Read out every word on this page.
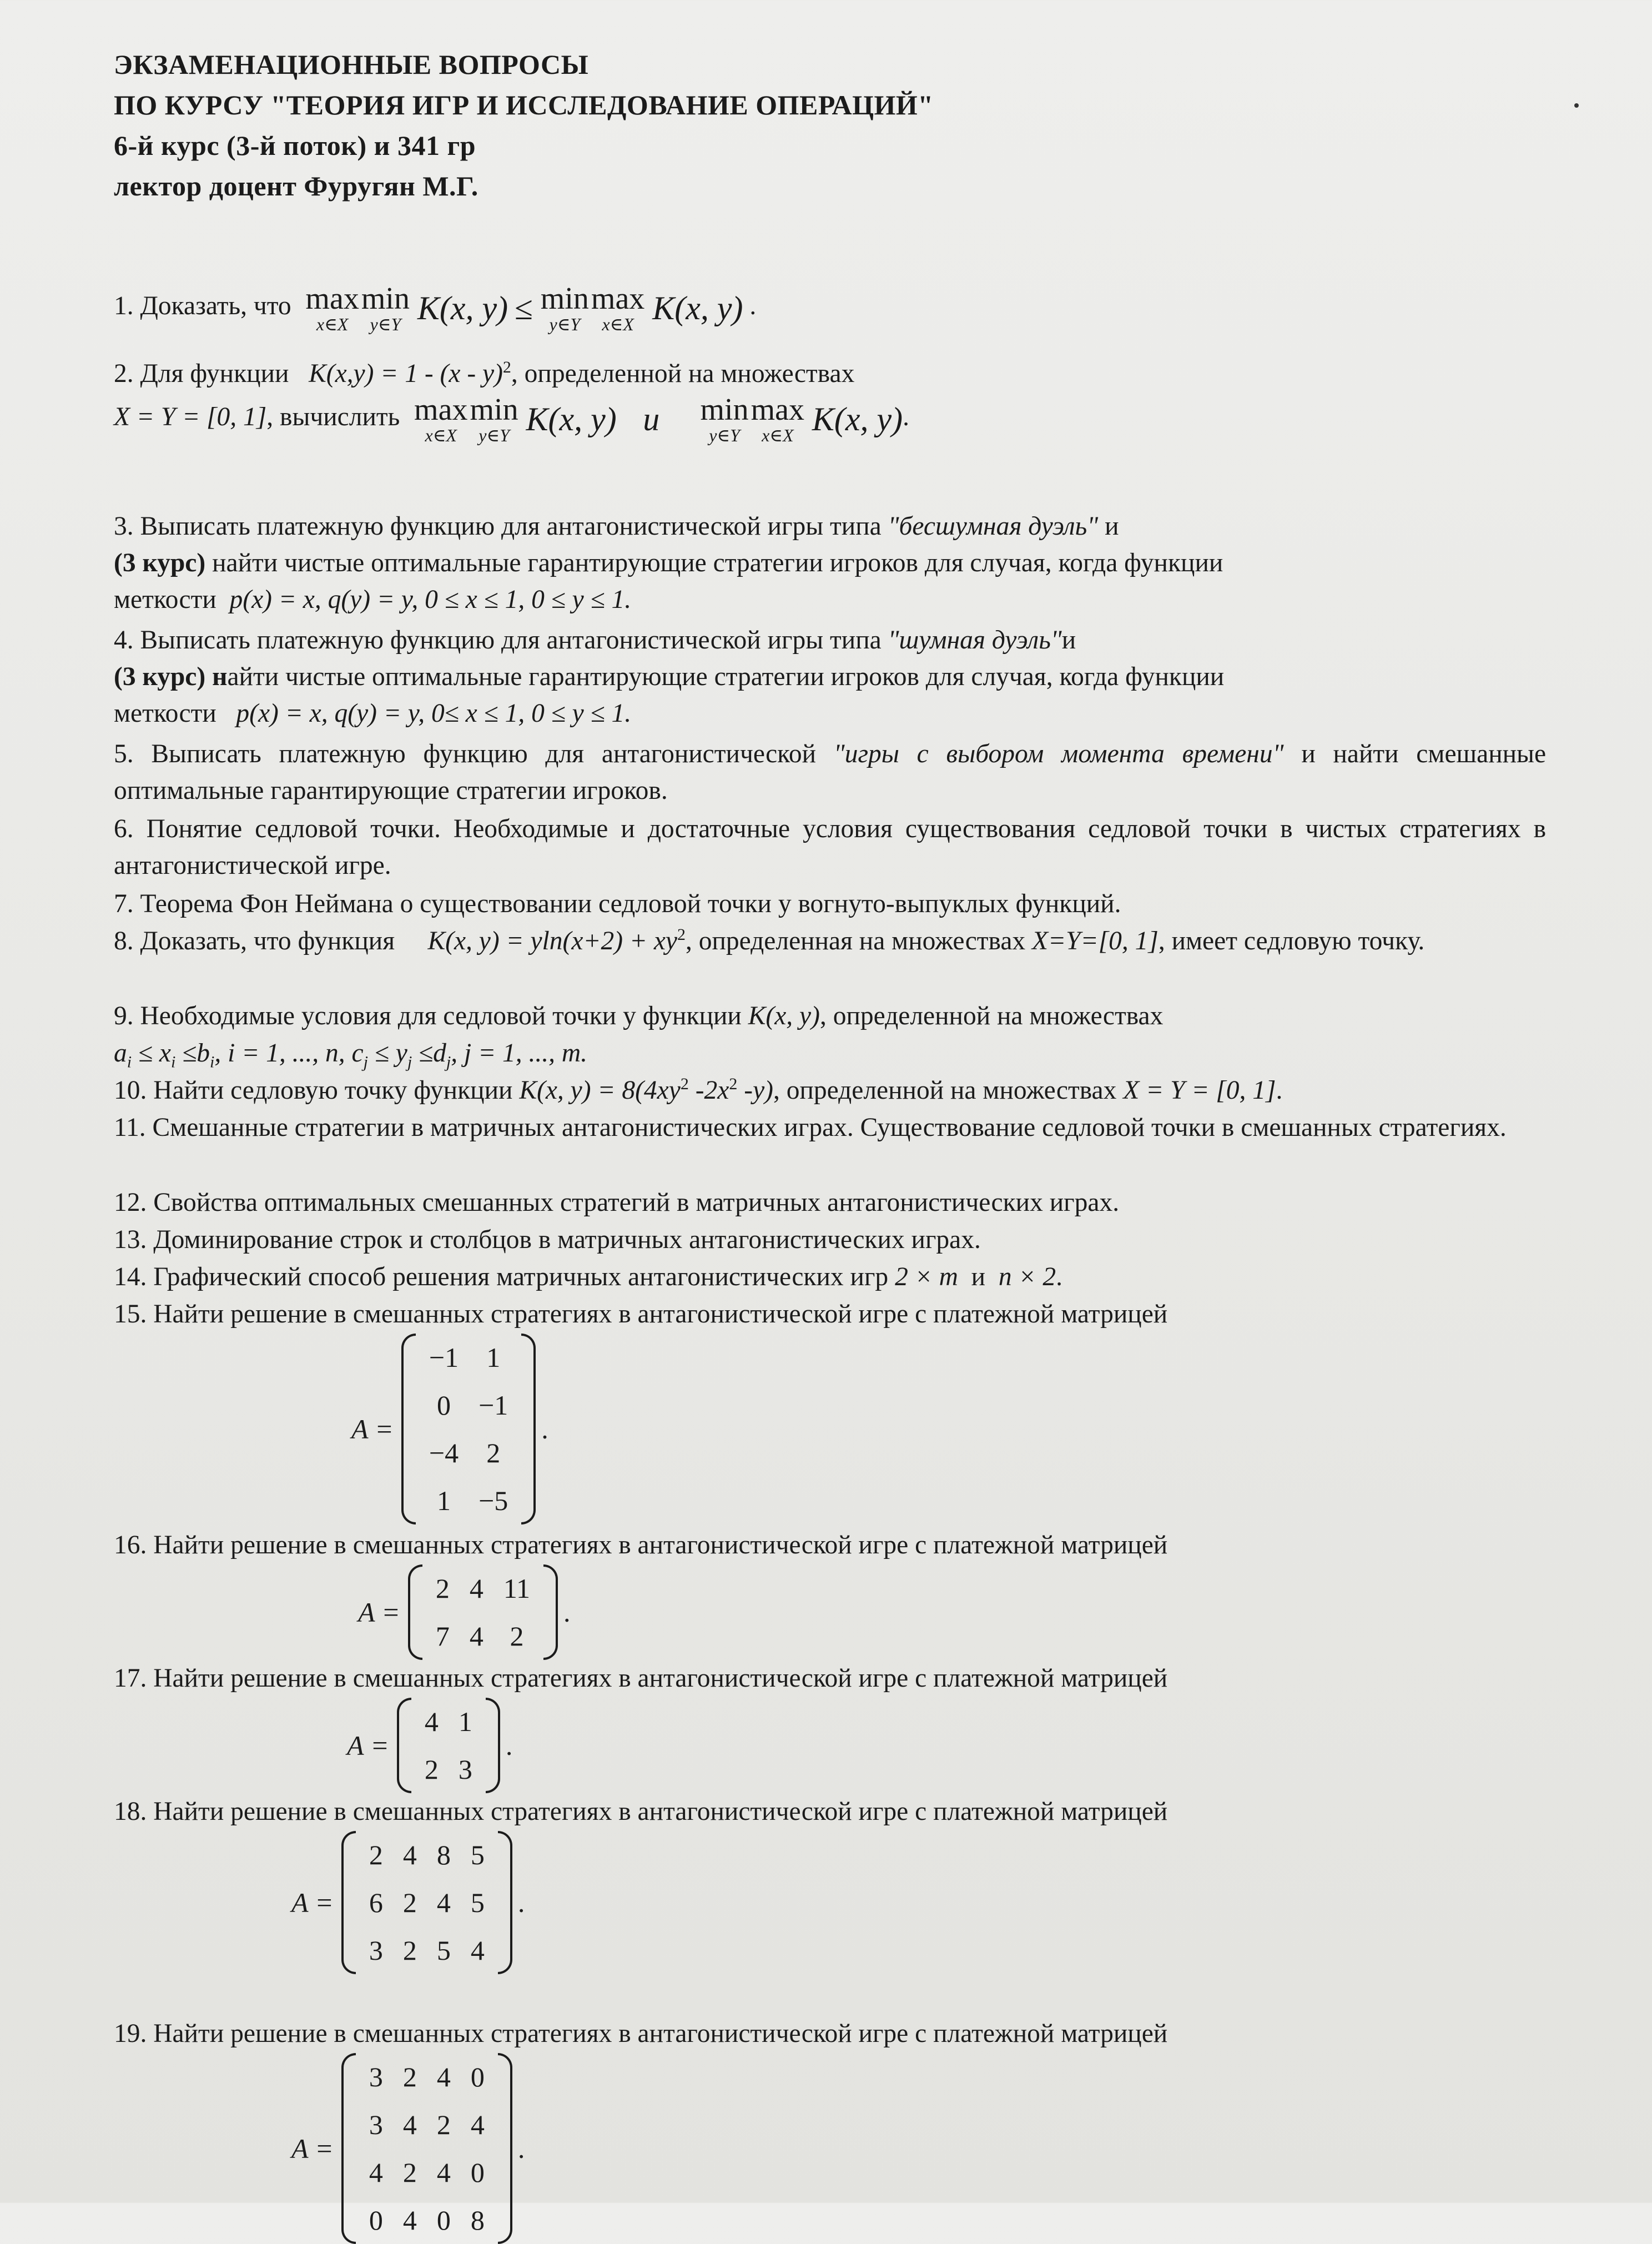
ЭКЗАМЕНАЦИОННЫЕ ВОПРОСЫ
ПО КУРСУ "ТЕОРИЯ ИГР И ИССЛЕДОВАНИЕ ОПЕРАЦИЙ"
6-й курс (3-й поток) и 341 гр
лектор доцент Фуругян М.Г.
1. Доказать, что max
x∈X
min
y∈Y K(x, y) ≤ min
y∈Y
max
x∈X K(x, y) .
2. Для функции K(x,y) = 1 - (x - y)$^2$, определенной на множествах
X = Y = [0, 1], вычислить max
x∈X
min
y∈Y K(x, y) и min
y∈Y
max
x∈X K(x, y).
3. Выписать платежную функцию для антагонистической игры типа "бесшумная дуэль" и
(3 курс) найти чистые оптимальные гарантирующие стратегии игроков для случая, когда функции
меткости p(x) = x, q(y) = y, 0 ≤ x ≤ 1, 0 ≤ y ≤ 1.
4. Выписать платежную функцию для антагонистической игры типа "шумная дуэль"и
(3 курс) найти чистые оптимальные гарантирующие стратегии игроков для случая, когда функции
меткости p(x) = x, q(y) = y, 0≤ x ≤ 1, 0 ≤ y ≤ 1.
5. Выписать платежную функцию для антагонистической "игры с выбором момента времени" и найти смешанные оптимальные гарантирующие стратегии игроков.
6. Понятие седловой точки. Необходимые и достаточные условия существования седловой точки в чистых стратегиях в антагонистической игре.
7. Теорема Фон Неймана о существовании седловой точки у вогнуто-выпуклых функций.
8. Доказать, что функция K(x, $y) = yln(x+2) + xy^2$, определенная на множествах X=Y=[0, 1], имеет седловую точку.
9. Необходимые условия для седловой точки у функции K(x, y), определенной на множествах
$a_i \le x_i \le b_i$, i = 1, ..., n, $c_j \le y_j \le d_j$, j = 1, ..., m.
10. Найти седловую точку функции K(x, $y) = 8(4xy^2$ $-2x^2$ -y), определенной на множествах X = Y = [0, 1].
11. Смешанные стратегии в матричных антагонистических играх. Существование седловой точки в смешанных стратегиях.
12. Свойства оптимальных смешанных стратегий в матричных антагонистических играх.
13. Доминирование строк и столбцов в матричных антагонистических играх.
14. Графический способ решения матричных антагонистических игр 2 × m и n × 2.
15. Найти решение в смешанных стратегиях в антагонистической игре с платежной матрицей
A =
−1	1
0	−1
−4	2
1	−5
.
16. Найти решение в смешанных стратегиях в антагонистической игре с платежной матрицей
A =
2	4	11
7	4	2
.
17. Найти решение в смешанных стратегиях в антагонистической игре с платежной матрицей
A =
4	1
2	3
.
18. Найти решение в смешанных стратегиях в антагонистической игре с платежной матрицей
A =
2	4	8	5
6	2	4	5
3	2	5	4
.
19. Найти решение в смешанных стратегиях в антагонистической игре с платежной матрицей
A =
3	2	4	0
3	4	2	4
4	2	4	0
0	4	0	8
.
